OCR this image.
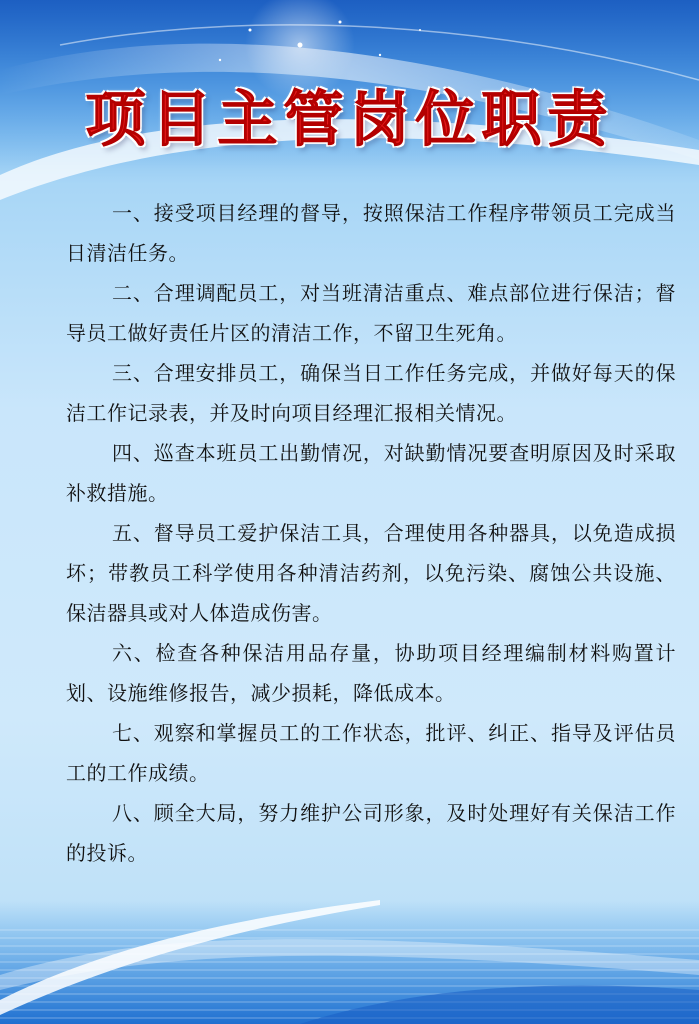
项目主管岗位职责

一、接受项目经理的督导，按照保洁工作程序带领员工完成当日清洁任务。

二、合理调配员工，对当班清洁重点、难点部位进行保洁；督导员工做好责任片区的清洁工作，不留卫生死角。

三、合理安排员工，确保当日工作任务完成，并做好每天的保洁工作记录表，并及时向项目经理汇报相关情况。

四、巡查本班员工出勤情况，对缺勤情况要查明原因及时采取补救措施。

五、督导员工爱护保洁工具，合理使用各种器具，以免造成损坏；带教员工科学使用各种清洁药剂，以免污染、腐蚀公共设施、保洁器具或对人体造成伤害。

六、检查各种保洁用品存量，协助项目经理编制材料购置计划、设施维修报告，减少损耗，降低成本。

七、观察和掌握员工的工作状态，批评、纠正、指导及评估员工的工作成绩。

八、顾全大局，努力维护公司形象，及时处理好有关保洁工作的投诉。
